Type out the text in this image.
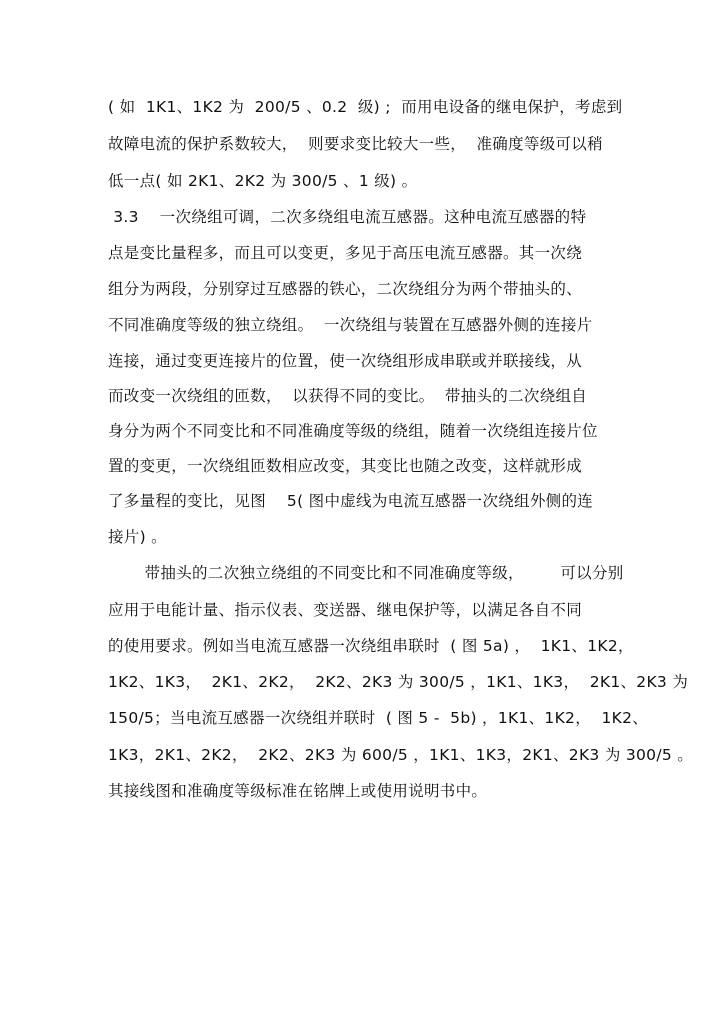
( 如  1K1、1K2 为  200/5 、0.2  级) ;  而用电设备的继电保护，考虑到
故障电流的保护系数较大，  则要求变比较大一些，  准确度等级可以稍
低一点( 如 2K1、2K2 为 300/5 、1 级) 。
3.3    一次绕组可调，二次多绕组电流互感器。这种电流互感器的特
点是变比量程多，而且可以变更，多见于高压电流互感器。其一次绕
组分为两段，分别穿过互感器的铁心，二次绕组分为两个带抽头的、
不同准确度等级的独立绕组。  一次绕组与装置在互感器外侧的连接片
连接，通过变更连接片的位置，使一次绕组形成串联或并联接线，从
而改变一次绕组的匝数，  以获得不同的变比。  带抽头的二次绕组自
身分为两个不同变比和不同准确度等级的绕组，随着一次绕组连接片位
置的变更，一次绕组匝数相应改变，其变比也随之改变，这样就形成
了多量程的变比，见图    5( 图中虚线为电流互感器一次绕组外侧的连
接片) 。
带抽头的二次独立绕组的不同变比和不同准确度等级，       可以分别
应用于电能计量、指示仪表、变送器、继电保护等，以满足各自不同
的使用要求。例如当电流互感器一次绕组串联时  ( 图 5a) ，  1K1、1K2，
1K2、1K3，  2K1、2K2，  2K2、2K3 为 300/5 ，1K1、1K3，  2K1、2K3 为
150/5；当电流互感器一次绕组并联时  ( 图 5 -  5b) ，1K1、1K2，  1K2、
1K3，2K1、2K2，  2K2、2K3 为 600/5 ，1K1、1K3，2K1、2K3 为 300/5 。
其接线图和准确度等级标准在铭牌上或使用说明书中。
